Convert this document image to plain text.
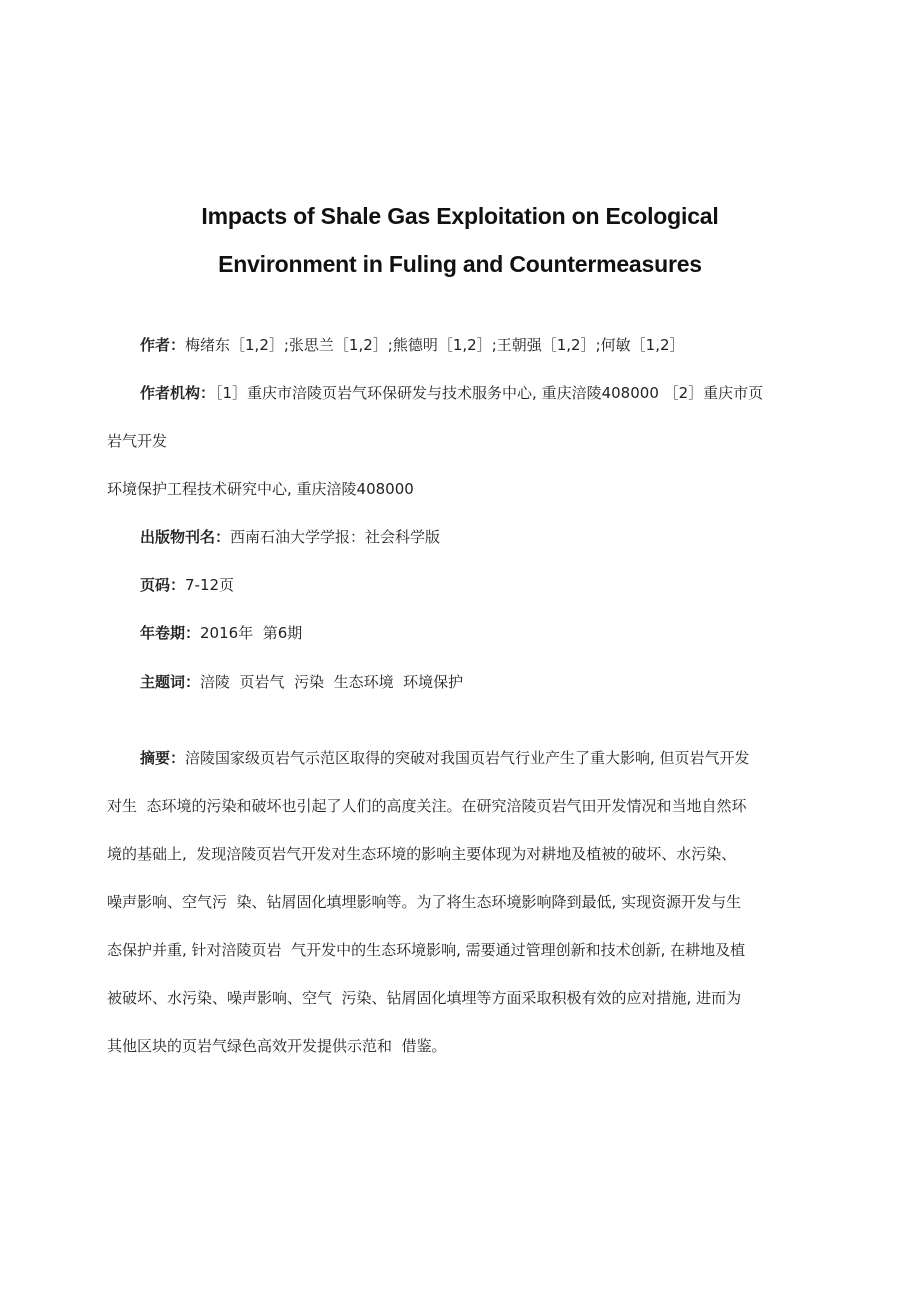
Impacts of Shale Gas Exploitation on Ecological
Environment in Fuling and Countermeasures
作者：梅绪东［1,2］;张思兰［1,2］;熊德明［1,2］;王朝强［1,2］;何敏［1,2］
作者机构：［1］重庆市涪陵页岩气环保研发与技术服务中心, 重庆涪陵408000 ［2］重庆市页
岩气开发
环境保护工程技术研究中心, 重庆涪陵408000
出版物刊名：西南石油大学学报：社会科学版
页码：7-12页
年卷期：2016年  第6期
主题词：涪陵  页岩气  污染  生态环境  环境保护
摘要：涪陵国家级页岩气示范区取得的突破对我国页岩气行业产生了重大影响, 但页岩气开发
对生  态环境的污染和破坏也引起了人们的高度关注。在研究涪陵页岩气田开发情况和当地自然环
境的基础上,  发现涪陵页岩气开发对生态环境的影响主要体现为对耕地及植被的破坏、水污染、
噪声影响、空气污  染、钻屑固化填埋影响等。为了将生态环境影响降到最低, 实现资源开发与生
态保护并重, 针对涪陵页岩  气开发中的生态环境影响, 需要通过管理创新和技术创新, 在耕地及植
被破坏、水污染、噪声影响、空气  污染、钻屑固化填埋等方面采取积极有效的应对措施, 进而为
其他区块的页岩气绿色高效开发提供示范和  借鉴。
